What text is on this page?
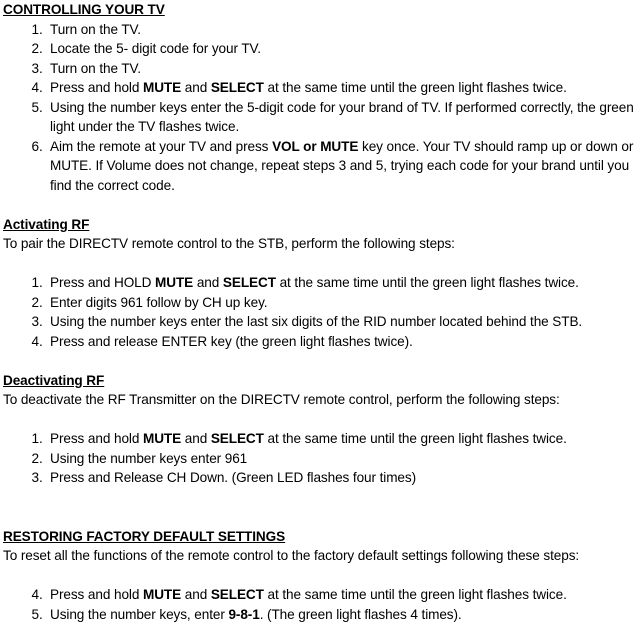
CONTROLLING YOUR TV

1. Turn on the TV.
2. Locate the 5- digit code for your TV.
3. Turn on the TV.
4. Press and hold MUTE and SELECT at the same time until the green light flashes twice.
5. Using the number keys enter the 5-digit code for your brand of TV. If performed correctly, the green light under the TV flashes twice.
6. Aim the remote at your TV and press VOL or MUTE key once. Your TV should ramp up or down or MUTE. If Volume does not change, repeat steps 3 and 5, trying each code for your brand until you find the correct code.

Activating RF

To pair the DIRECTV remote control to the STB, perform the following steps:

1. Press and HOLD MUTE and SELECT at the same time until the green light flashes twice.
2. Enter digits 961 follow by CH up key.
3. Using the number keys enter the last six digits of the RID number located behind the STB.
4. Press and release ENTER key (the green light flashes twice).

Deactivating RF

To deactivate the RF Transmitter on the DIRECTV remote control, perform the following steps:

1. Press and hold MUTE and SELECT at the same time until the green light flashes twice.
2. Using the number keys enter 961
3. Press and Release CH Down. (Green LED flashes four times)

RESTORING FACTORY DEFAULT SETTINGS

To reset all the functions of the remote control to the factory default settings following these steps:

4. Press and hold MUTE and SELECT at the same time until the green light flashes twice.
5. Using the number keys, enter 9-8-1. (The green light flashes 4 times).
